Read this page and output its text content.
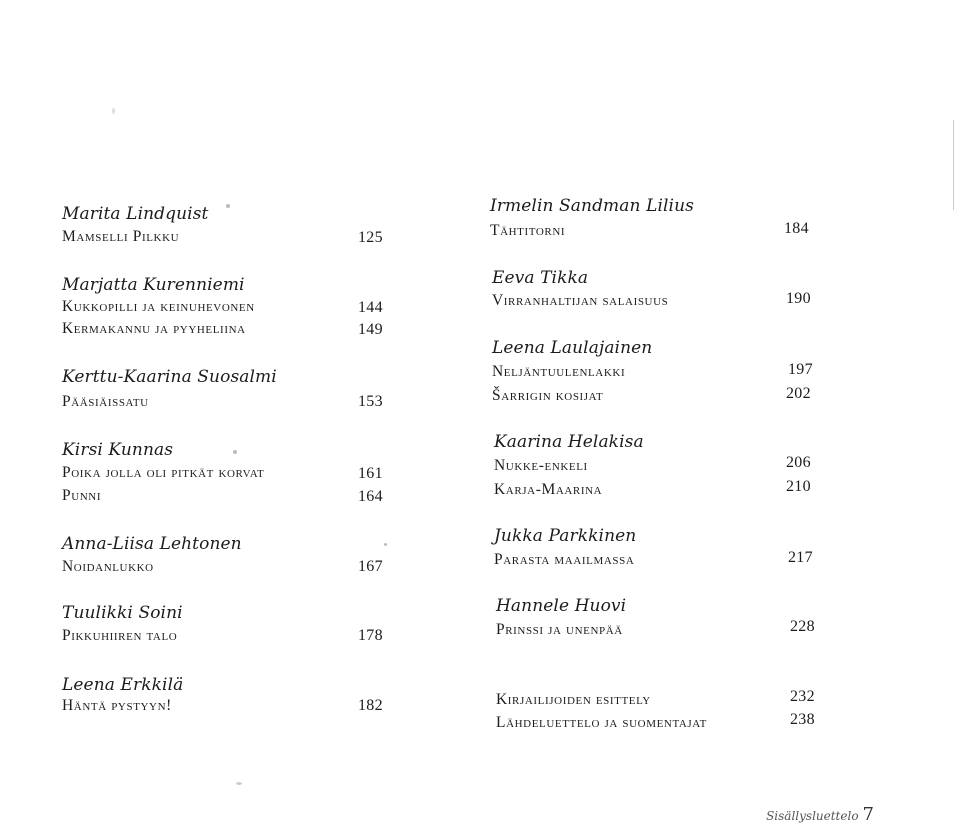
Marita Lindquist
Mamselli Pilkku	125
Marjatta Kurenniemi
Kukkopilli ja keinuhevonen	144
Kermakannu ja pyyheliina	149
Kerttu-Kaarina Suosalmi
Pääsiäissatu	153
Kirsi Kunnas
Poika jolla oli pitkät korvat	161
Punni	164
Anna-Liisa Lehtonen
Noidanlukko	167
Tuulikki Soini
Pikkuhiiren talo	178
Leena Erkkilä
Häntä pystyyn!	182
Irmelin Sandman Lilius
Tähtitorni	184
Eeva Tikka
Virranhaltijan salaisuus	190
Leena Laulajainen
Neljäntuulenlakki	197
Šarrigin kosijat	202
Kaarina Helakisa
Nukke-enkeli	206
Karja-Maarina	210
Jukka Parkkinen
Parasta maailmassa	217
Hannele Huovi
Prinssi ja unenpää	228
Kirjailijoiden esittely	232
Lähdeluettelo ja suomentajat	238
Sisällysluettelo 7
